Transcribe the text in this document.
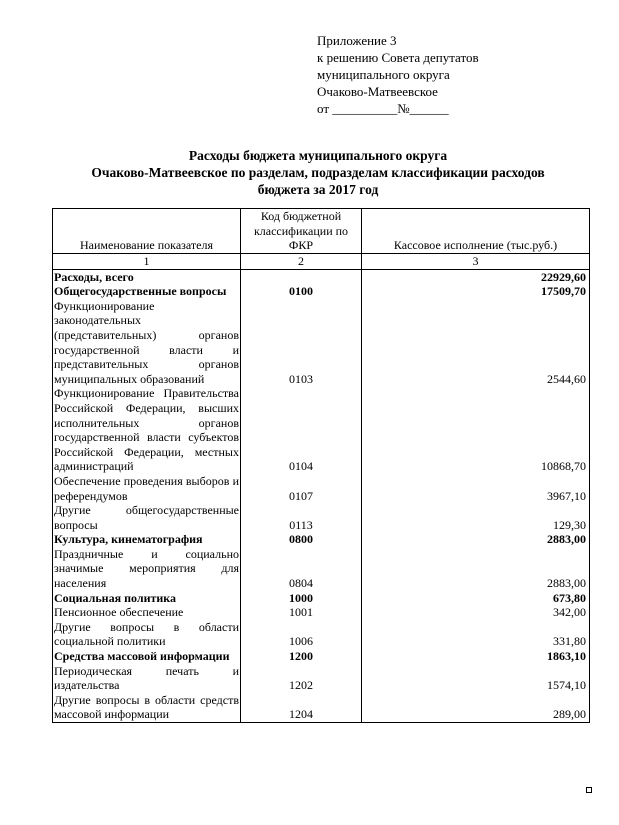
Приложение 3
к решению Совета депутатов
муниципального округа
Очаково-Матвеевское
от __________№______
Расходы бюджета муниципального округа
Очаково-Матвеевское по разделам, подразделам классификации расходов
бюджета за 2017 год
Наименование показателя	Код бюджетной классификации по ФКР	Кассовое исполнение (тыс.руб.)
1	2	3
Расходы, всего		22929,60
Общегосударственные вопросы	0100	17509,70
Функционирование законодательных (представительных) органов государственной власти и представительных органов муниципальных образований	0103	2544,60
Функционирование Правительства Российской Федерации, высших исполнительных органов государственной власти субъектов Российской Федерации, местных администраций	0104	10868,70
Обеспечение проведения выборов и референдумов	0107	3967,10
Другие общегосударственные вопросы	0113	129,30
Культура, кинематография	0800	2883,00
Праздничные и социально значимые мероприятия для населения	0804	2883,00
Социальная политика	1000	673,80
Пенсионное обеспечение	1001	342,00
Другие вопросы в области социальной политики	1006	331,80
Средства массовой информации	1200	1863,10
Периодическая печать и издательства	1202	1574,10
Другие вопросы в области средств массовой информации	1204	289,00
